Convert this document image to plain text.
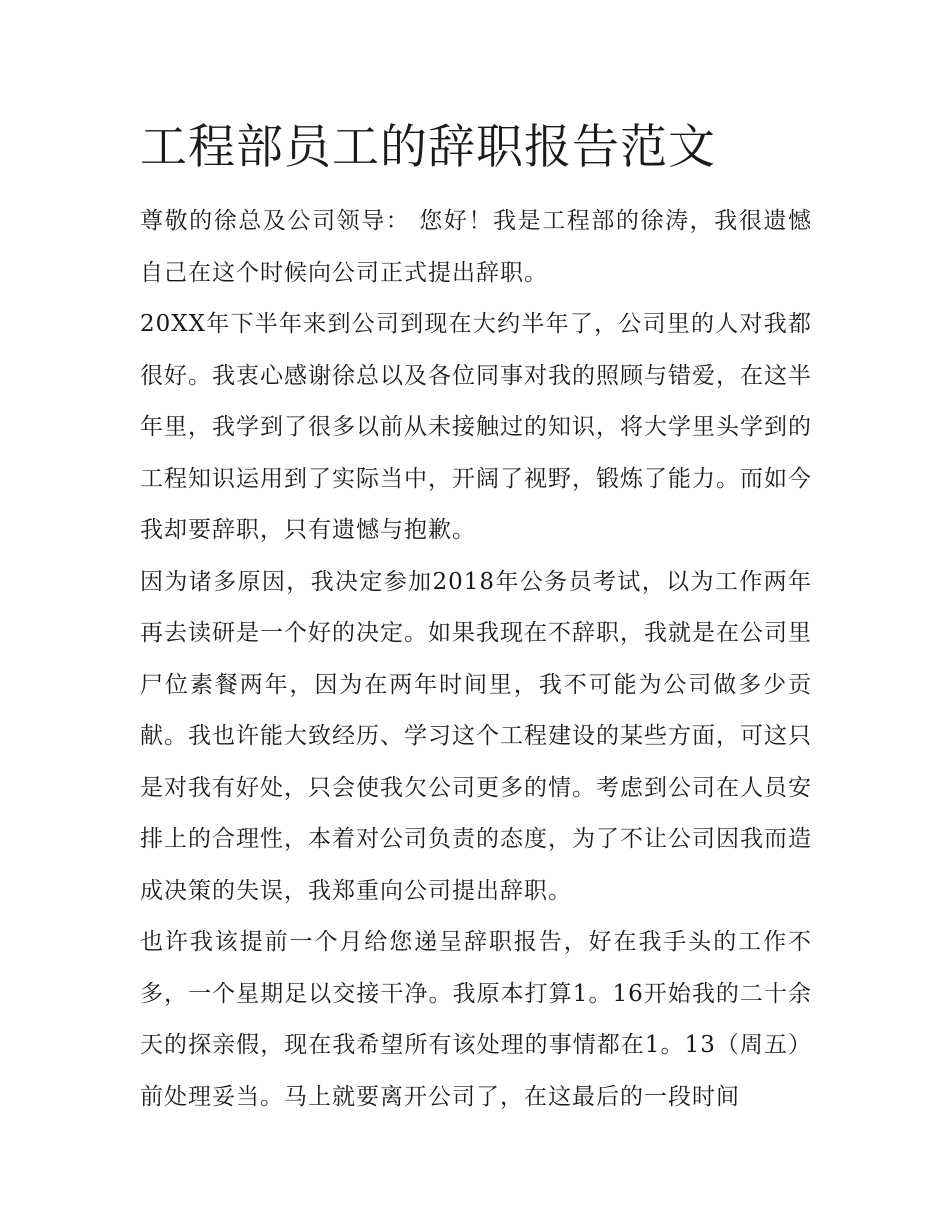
工程部员工的辞职报告范文

尊敬的徐总及公司领导： 您好！我是工程部的徐涛，我很遗憾自己在这个时候向公司正式提出辞职。

20XX年下半年来到公司到现在大约半年了，公司里的人对我都很好。我衷心感谢徐总以及各位同事对我的照顾与错爱，在这半年里，我学到了很多以前从未接触过的知识，将大学里头学到的工程知识运用到了实际当中，开阔了视野，锻炼了能力。而如今我却要辞职，只有遗憾与抱歉。

因为诸多原因，我决定参加2018年公务员考试，以为工作两年再去读研是一个好的决定。如果我现在不辞职，我就是在公司里尸位素餐两年，因为在两年时间里，我不可能为公司做多少贡献。我也许能大致经历、学习这个工程建设的某些方面，可这只是对我有好处，只会使我欠公司更多的情。考虑到公司在人员安排上的合理性，本着对公司负责的态度，为了不让公司因我而造成决策的失误，我郑重向公司提出辞职。

也许我该提前一个月给您递呈辞职报告，好在我手头的工作不多，一个星期足以交接干净。我原本打算1。16开始我的二十余天的探亲假，现在我希望所有该处理的事情都在1。13（周五）前处理妥当。马上就要离开公司了，在这最后的一段时间
